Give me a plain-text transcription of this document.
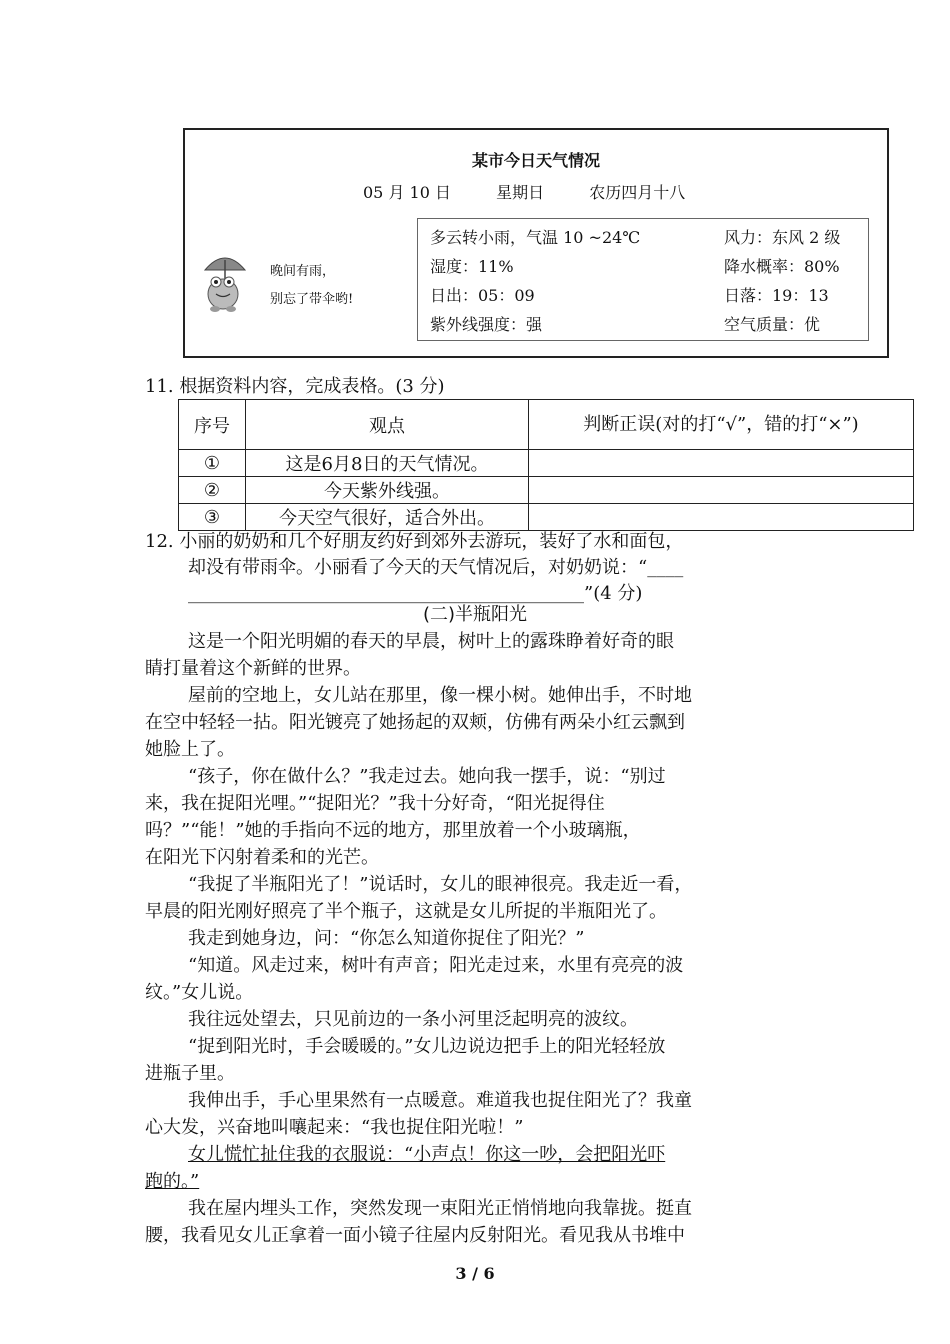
某市今日天气情况
05 月 10 日	星期日	农历四月十八
晚间有雨，
别忘了带伞哟!
多云转小雨，气温 10 ~24℃	风力：东风 2 级
湿度：11%	降水概率：80%
日出：05：09	日落：19：13
紫外线强度：强	空气质量：优
11. 根据资料内容，完成表格。(3 分)
序号	观点	判断正误(对的打“√”，错的打“×”)
①	这是6月8日的天气情况。	
②	今天紫外线强。	
③	今天空气很好，适合外出。	
12. 小丽的奶奶和几个好朋友约好到郊外去游玩，装好了水和面包，
却没有带雨伞。小丽看了今天的天气情况后，对奶奶说：“____
____________________________________________”(4 分)
(二)半瓶阳光
这是一个阳光明媚的春天的早晨，树叶上的露珠睁着好奇的眼
睛打量着这个新鲜的世界。
屋前的空地上，女儿站在那里，像一棵小树。她伸出手，不时地
在空中轻轻一拈。阳光镀亮了她扬起的双颊，仿佛有两朵小红云飘到
她脸上了。
“孩子，你在做什么？”我走过去。她向我一摆手，说：“别过
来，我在捉阳光哩。”“捉阳光？”我十分好奇，“阳光捉得住
吗？”“能！”她的手指向不远的地方，那里放着一个小玻璃瓶，
在阳光下闪射着柔和的光芒。
“我捉了半瓶阳光了！”说话时，女儿的眼神很亮。我走近一看，
早晨的阳光刚好照亮了半个瓶子，这就是女儿所捉的半瓶阳光了。
我走到她身边，问：“你怎么知道你捉住了阳光？”
“知道。风走过来，树叶有声音；阳光走过来，水里有亮亮的波
纹。”女儿说。
我往远处望去，只见前边的一条小河里泛起明亮的波纹。
“捉到阳光时，手会暖暖的。”女儿边说边把手上的阳光轻轻放
进瓶子里。
我伸出手，手心里果然有一点暖意。难道我也捉住阳光了？我童
心大发，兴奋地叫嚷起来：“我也捉住阳光啦！”
女儿慌忙扯住我的衣服说：“小声点！你这一吵，会把阳光吓
跑的。”
我在屋内埋头工作，突然发现一束阳光正悄悄地向我靠拢。挺直
腰，我看见女儿正拿着一面小镜子往屋内反射阳光。看见我从书堆中
3 / 6
